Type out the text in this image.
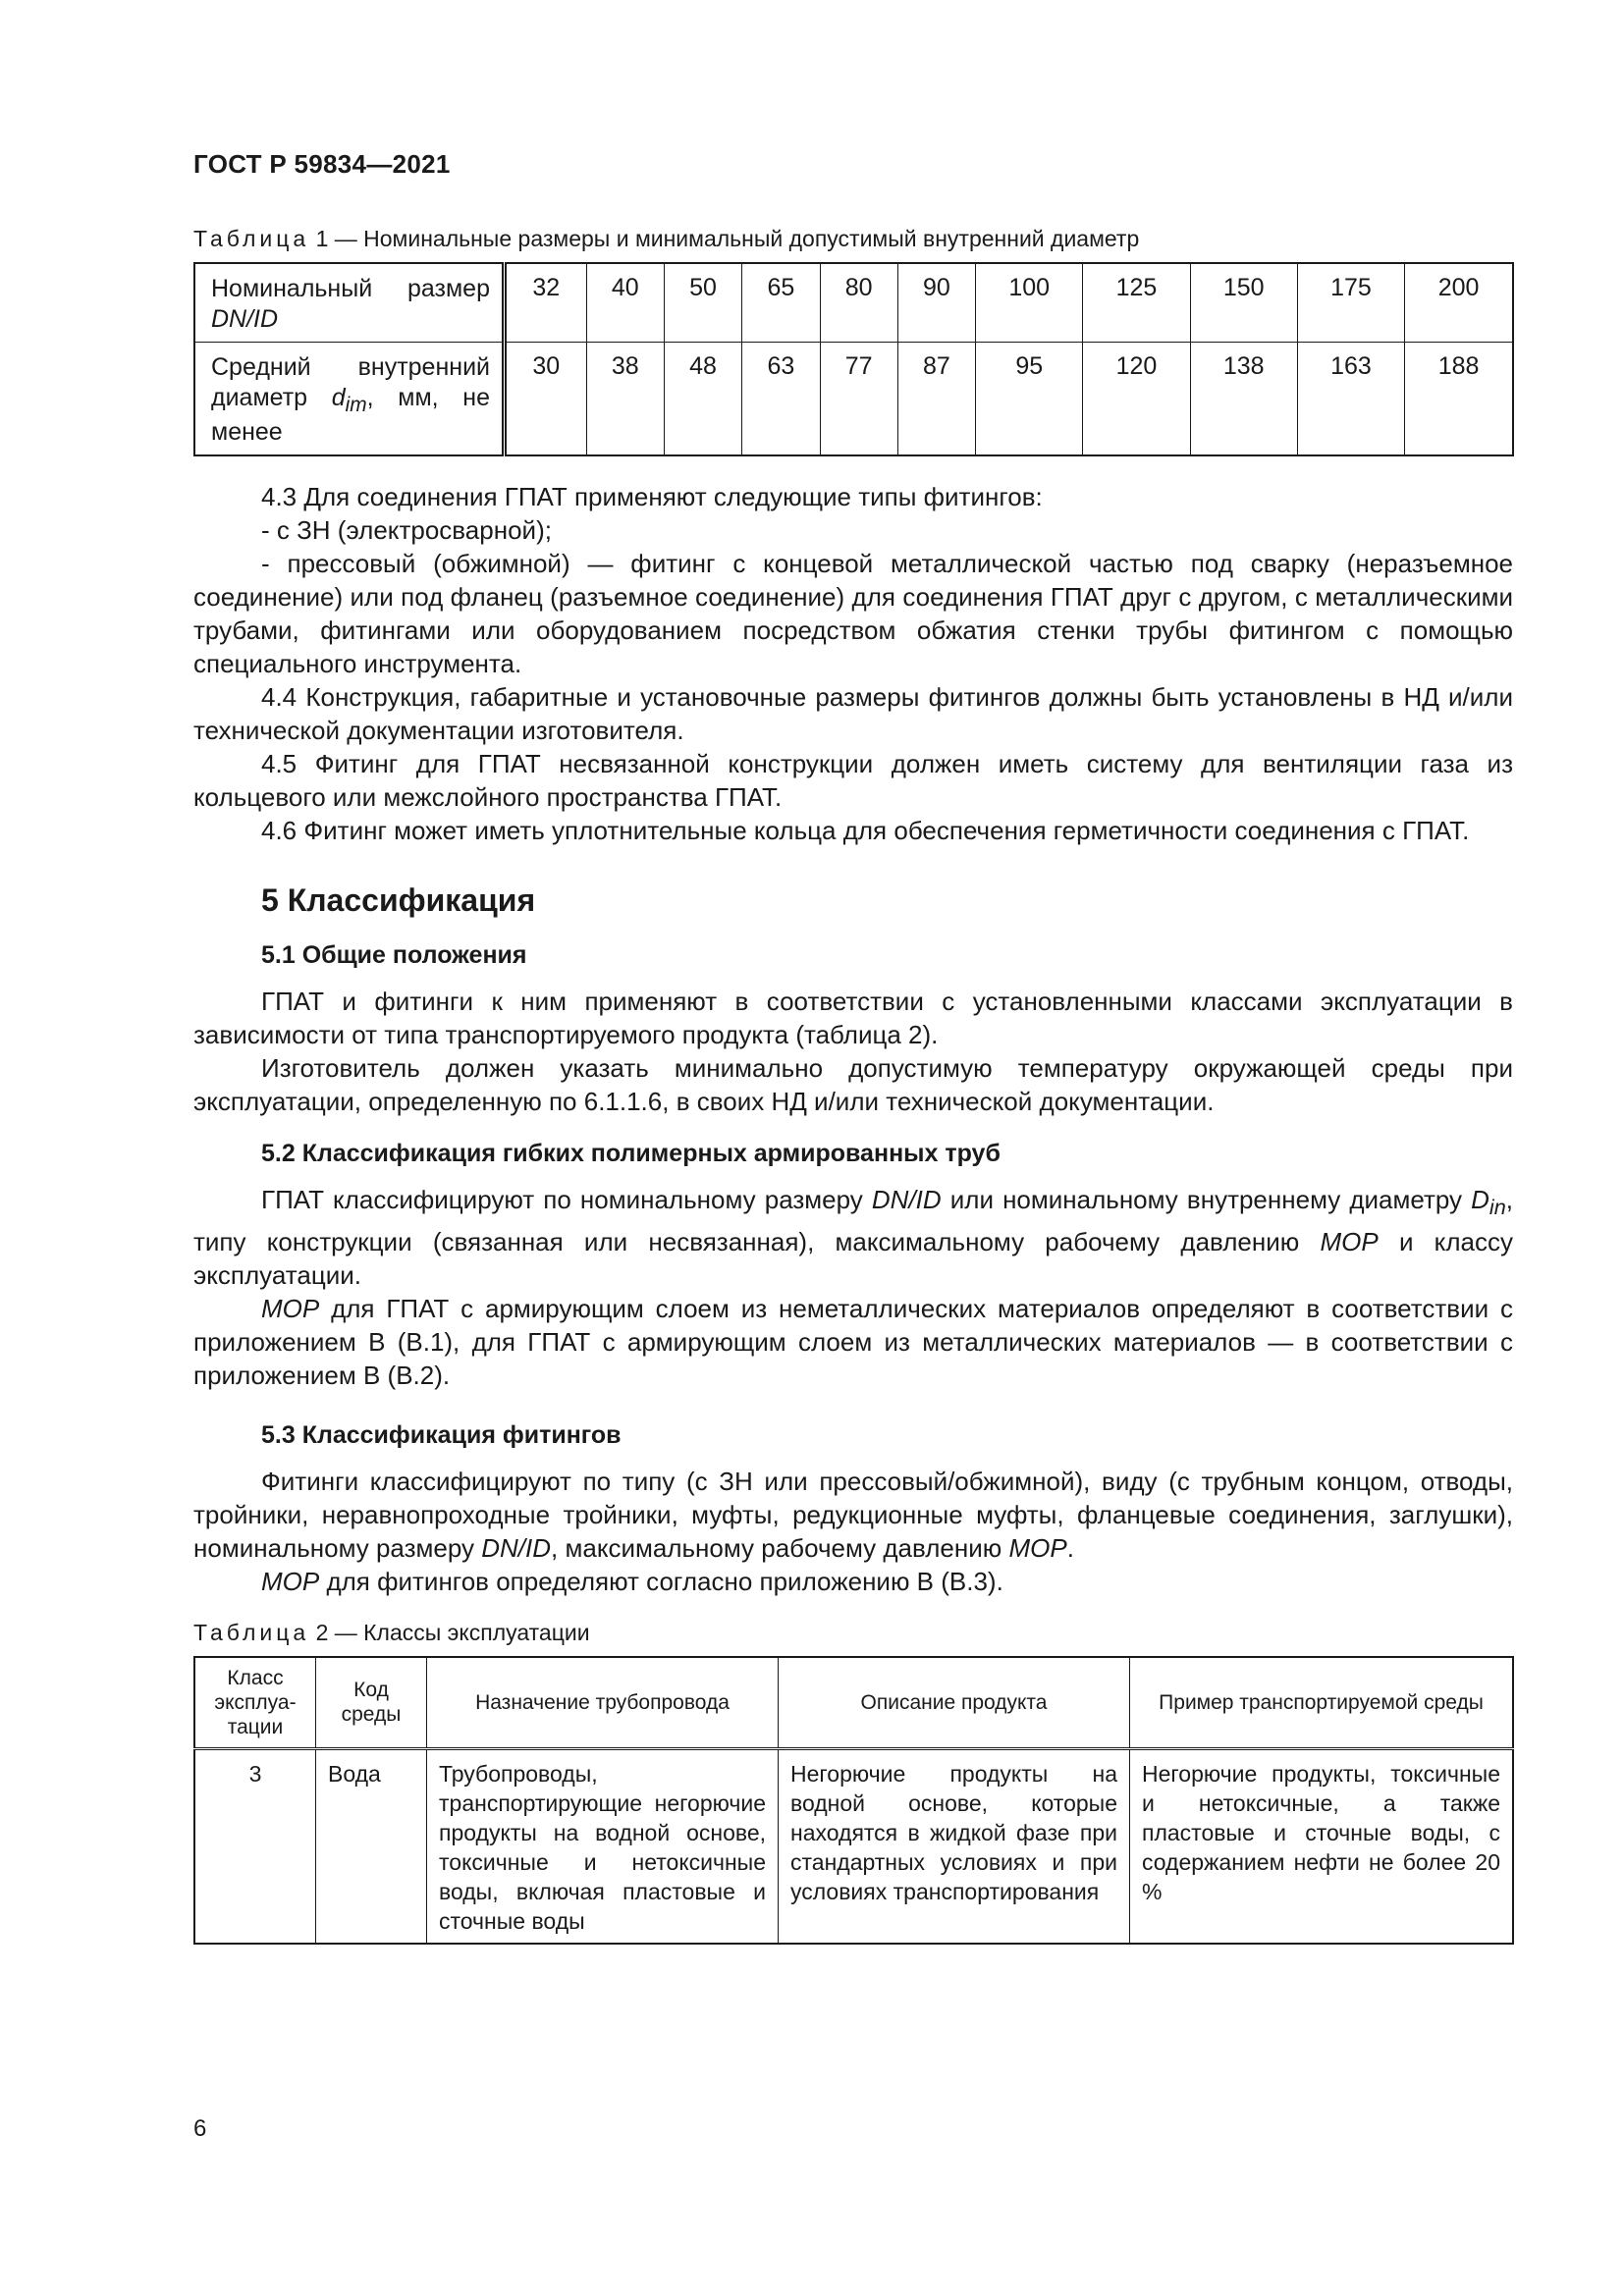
ГОСТ Р 59834—2021
Таблица 1 — Номинальные размеры и минимальный допустимый внутренний диаметр
Номинальный размер DN/ID	32	40	50	65	80	90	100	125	150	175	200
Средний внутренний диаметр $d_{im}$, мм, не менее	30	38	48	63	77	87	95	120	138	163	188

4.3 Для соединения ГПАТ применяют следующие типы фитингов:

- с ЗН (электросварной);

- прессовый (обжимной) — фитинг с концевой металлической частью под сварку (неразъемное соединение) или под фланец (разъемное соединение) для соединения ГПАТ друг с другом, с металлическими трубами, фитингами или оборудованием посредством обжатия стенки трубы фитингом с помощью специального инструмента.

4.4 Конструкция, габаритные и установочные размеры фитингов должны быть установлены в НД и/или технической документации изготовителя.

4.5 Фитинг для ГПАТ несвязанной конструкции должен иметь систему для вентиляции газа из кольцевого или межслойного пространства ГПАТ.

4.6 Фитинг может иметь уплотнительные кольца для обеспечения герметичности соединения с ГПАТ.

5 Классификация
5.1 Общие положения

ГПАТ и фитинги к ним применяют в соответствии с установленными классами эксплуатации в зависимости от типа транспортируемого продукта (таблица 2).

Изготовитель должен указать минимально допустимую температуру окружающей среды при эксплуатации, определенную по 6.1.1.6, в своих НД и/или технической документации.

5.2 Классификация гибких полимерных армированных труб

ГПАТ классифицируют по номинальному размеру DN/ID или номинальному внутреннему диаметру $D_{in}$, типу конструкции (связанная или несвязанная), максимальному рабочему давлению MOP и классу эксплуатации.

MOP для ГПАТ с армирующим слоем из неметаллических материалов определяют в соответствии с приложением В (В.1), для ГПАТ с армирующим слоем из металлических материалов — в соответствии с приложением В (В.2).

5.3 Классификация фитингов

Фитинги классифицируют по типу (с ЗН или прессовый/обжимной), виду (с трубным концом, отводы, тройники, неравнопроходные тройники, муфты, редукционные муфты, фланцевые соединения, заглушки), номинальному размеру DN/ID, максимальному рабочему давлению MOP.

MOP для фитингов определяют согласно приложению В (В.3).

Таблица 2 — Классы эксплуатации
Класс эксплуа-тации	Код среды	Назначение трубопровода	Описание продукта	Пример транспортируемой среды
3	Вода	Трубопроводы, транспортирующие негорючие продукты на водной основе, токсичные и нетоксичные воды, включая пластовые и сточные воды	Негорючие продукты на водной основе, которые находятся в жидкой фазе при стандартных условиях и при условиях транспортирования	Негорючие продукты, токсичные и нетоксичные, а также пластовые и сточные воды, с содержанием нефти не более 20 %
6
